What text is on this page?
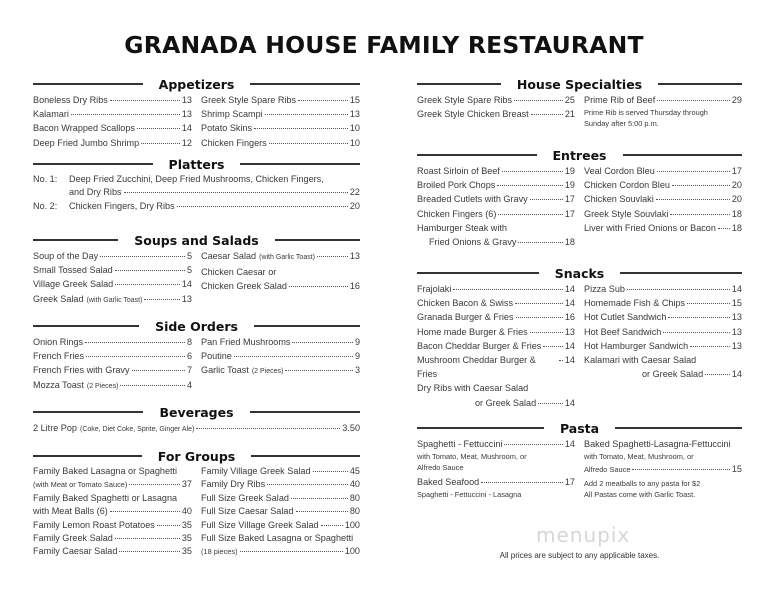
GRANADA HOUSE FAMILY RESTAURANT
Appetizers
Boneless Dry Ribs	13
Kalamari	13
Bacon Wrapped Scallops	14
Deep Fried Jumbo Shrimp	12
Greek Style Spare Ribs	15
Shrimp Scampi	13
Potato Skins	10
Chicken Fingers	10
Platters
No. 1:	Deep Fried Zucchini, Deep Fried Mushrooms, Chicken Fingers,
and Dry Ribs	22
No. 2:	Chicken Fingers, Dry Ribs	20
Soups and Salads
Soup of the Day	5
Small Tossed Salad	5
Village Greek Salad	14
Greek Salad (with Garlic Toast)	13
Caesar Salad (with Garlic Toast)	13
Chicken Caesar or
Chicken Greek Salad	16
Side Orders
Onion Rings	8
French Fries	6
French Fries with Gravy	7
Mozza Toast (2 Pieces)	4
Pan Fried Mushrooms	9
Poutine	9
Garlic Toast (2 Pieces)	3
Beverages
2 Litre Pop (Coke, Diet Coke, Sprite, Ginger Ale)	3.50
For Groups
Family Baked Lasagna or Spaghetti
(with Meat or Tomato Sauce)	37
Family Baked Spaghetti or Lasagna
with Meat Balls (6)	40
Family Lemon Roast Potatoes	35
Family Greek Salad	35
Family Caesar Salad	35
Family Village Greek Salad	45
Family Dry Ribs	40
Full Size Greek Salad	80
Full Size Caesar Salad	80
Full Size Village Greek Salad	100
Full Size Baked Lasagna or Spaghetti
(18 pieces)	100
House Specialties
Greek Style Spare Ribs	25
Greek Style Chicken Breast	21
Prime Rib of Beef	29
Prime Rib is served Thursday through
Sunday after 5:00 p.m.
Entrees
Roast Sirloin of Beef	19
Broiled Pork Chops	19
Breaded Cutlets with Gravy	17
Chicken Fingers (6)	17
Hamburger Steak with
Fried Onions & Gravy	18
Veal Cordon Bleu	17
Chicken Cordon Bleu	20
Chicken Souvlaki	20
Greek Style Souvlaki	18
Liver with Fried Onions or Bacon 18
Snacks
Frajolaki	14
Chicken Bacon & Swiss	14
Granada Burger & Fries	16
Home made Burger & Fries	13
Bacon Cheddar Burger & Fries	14
Mushroom Cheddar Burger & Fries
14
Dry Ribs with Caesar Salad
or Greek Salad	14
Pizza Sub	14
Homemade Fish & Chips	15
Hot Cutlet Sandwich	13
Hot Beef Sandwich	13
Hot Hamburger Sandwich	13
Kalamari with Caesar Salad
or Greek Salad	14
Pasta
Spaghetti - Fettuccini	14
with Tomato, Meat, Mushroom, or
Alfredo Sauce
Baked Seafood	17
Spaghetti - Fettuccini - Lasagna
Baked Spaghetti-Lasagna-Fettuccini
with Tomato, Meat, Mushroom, or
Alfredo Sauce	15
Add 2 meatballs to any pasta for $2
All Pastas come with Garlic Toast.
All prices are subject to any applicable taxes.
menupix
